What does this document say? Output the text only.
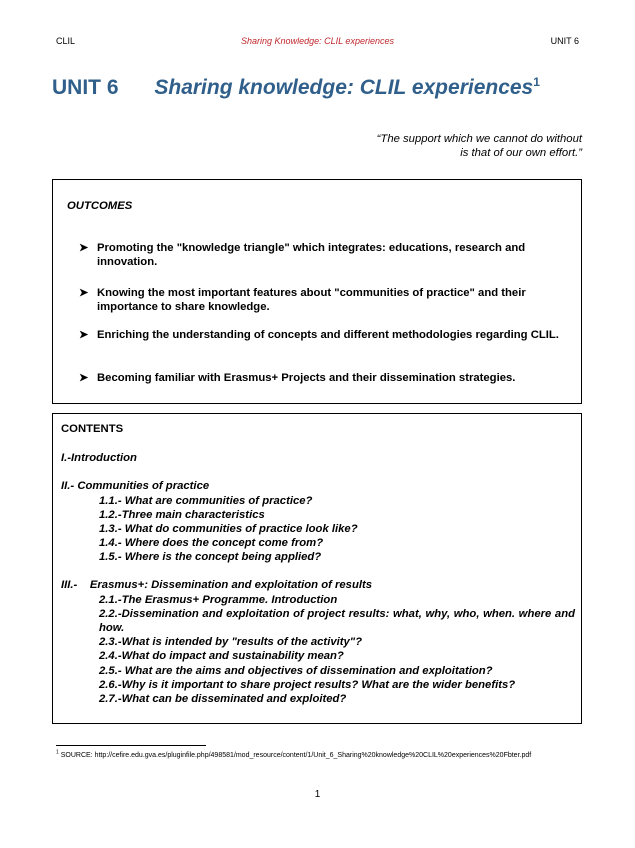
CLIL	Sharing Knowledge: CLIL experiences	UNIT 6
UNIT 6 Sharing knowledge: CLIL experiences$^1$
“The support which we cannot do without
is that of our own effort.”
OUTCOMES
➤ Promoting the "knowledge triangle" which integrates: educations, research and innovation.
➤ Knowing the most important features about "communities of practice" and their importance to share knowledge.
➤ Enriching the understanding of concepts and different methodologies regarding CLIL.
➤ Becoming familiar with Erasmus+ Projects and their dissemination strategies.
CONTENTS
I.-Introduction
II.- Communities of practice
1.1.- What are communities of practice?
1.2.-Three main characteristics
1.3.- What do communities of practice look like?
1.4.- Where does the concept come from?
1.5.- Where is the concept being applied?
III.-    Erasmus+: Dissemination and exploitation of results
2.1.-The Erasmus+ Programme. Introduction
2.2.-Dissemination and exploitation of project results: what, why, who, when. where and how.
2.3.-What is intended by "results of the activity"?
2.4.-What do impact and sustainability mean?
2.5.- What are the aims and objectives of dissemination and exploitation?
2.6.-Why is it important to share project results? What are the wider benefits?
2.7.-What can be disseminated and exploited?
$^1$ SOURCE: http://cefire.edu.gva.es/pluginfile.php/498581/mod_resource/content/1/Unit_6_Sharing%20knowledge%20CLIL%20experiences%20Fbter.pdf
1
